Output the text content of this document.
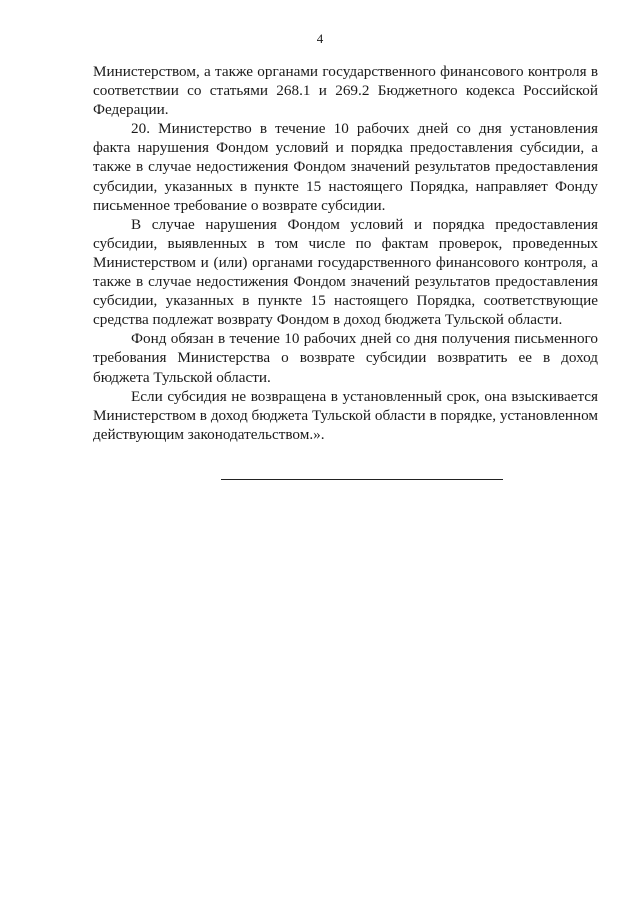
4

Министерством, а также органами государственного финансового контроля в соответствии со статьями 268.1 и 269.2 Бюджетного кодекса Российской Федерации.

20. Министерство в течение 10 рабочих дней со дня установления факта нарушения Фондом условий и порядка предоставления субсидии, а также в случае недостижения Фондом значений результатов предоставления субсидии, указанных в пункте 15 настоящего Порядка, направляет Фонду письменное требование о возврате субсидии.

В случае нарушения Фондом условий и порядка предоставления субсидии, выявленных в том числе по фактам проверок, проведенных Министерством и (или) органами государственного финансового контроля, а также в случае недостижения Фондом значений результатов предоставления субсидии, указанных в пункте 15 настоящего Порядка, соответствующие средства подлежат возврату Фондом в доход бюджета Тульской области.

Фонд обязан в течение 10 рабочих дней со дня получения письменного требования Министерства о возврате субсидии возвратить ее в доход бюджета Тульской области.

Если субсидия не возвращена в установленный срок, она взыскивается Министерством в доход бюджета Тульской области в порядке, установленном действующим законодательством.».
